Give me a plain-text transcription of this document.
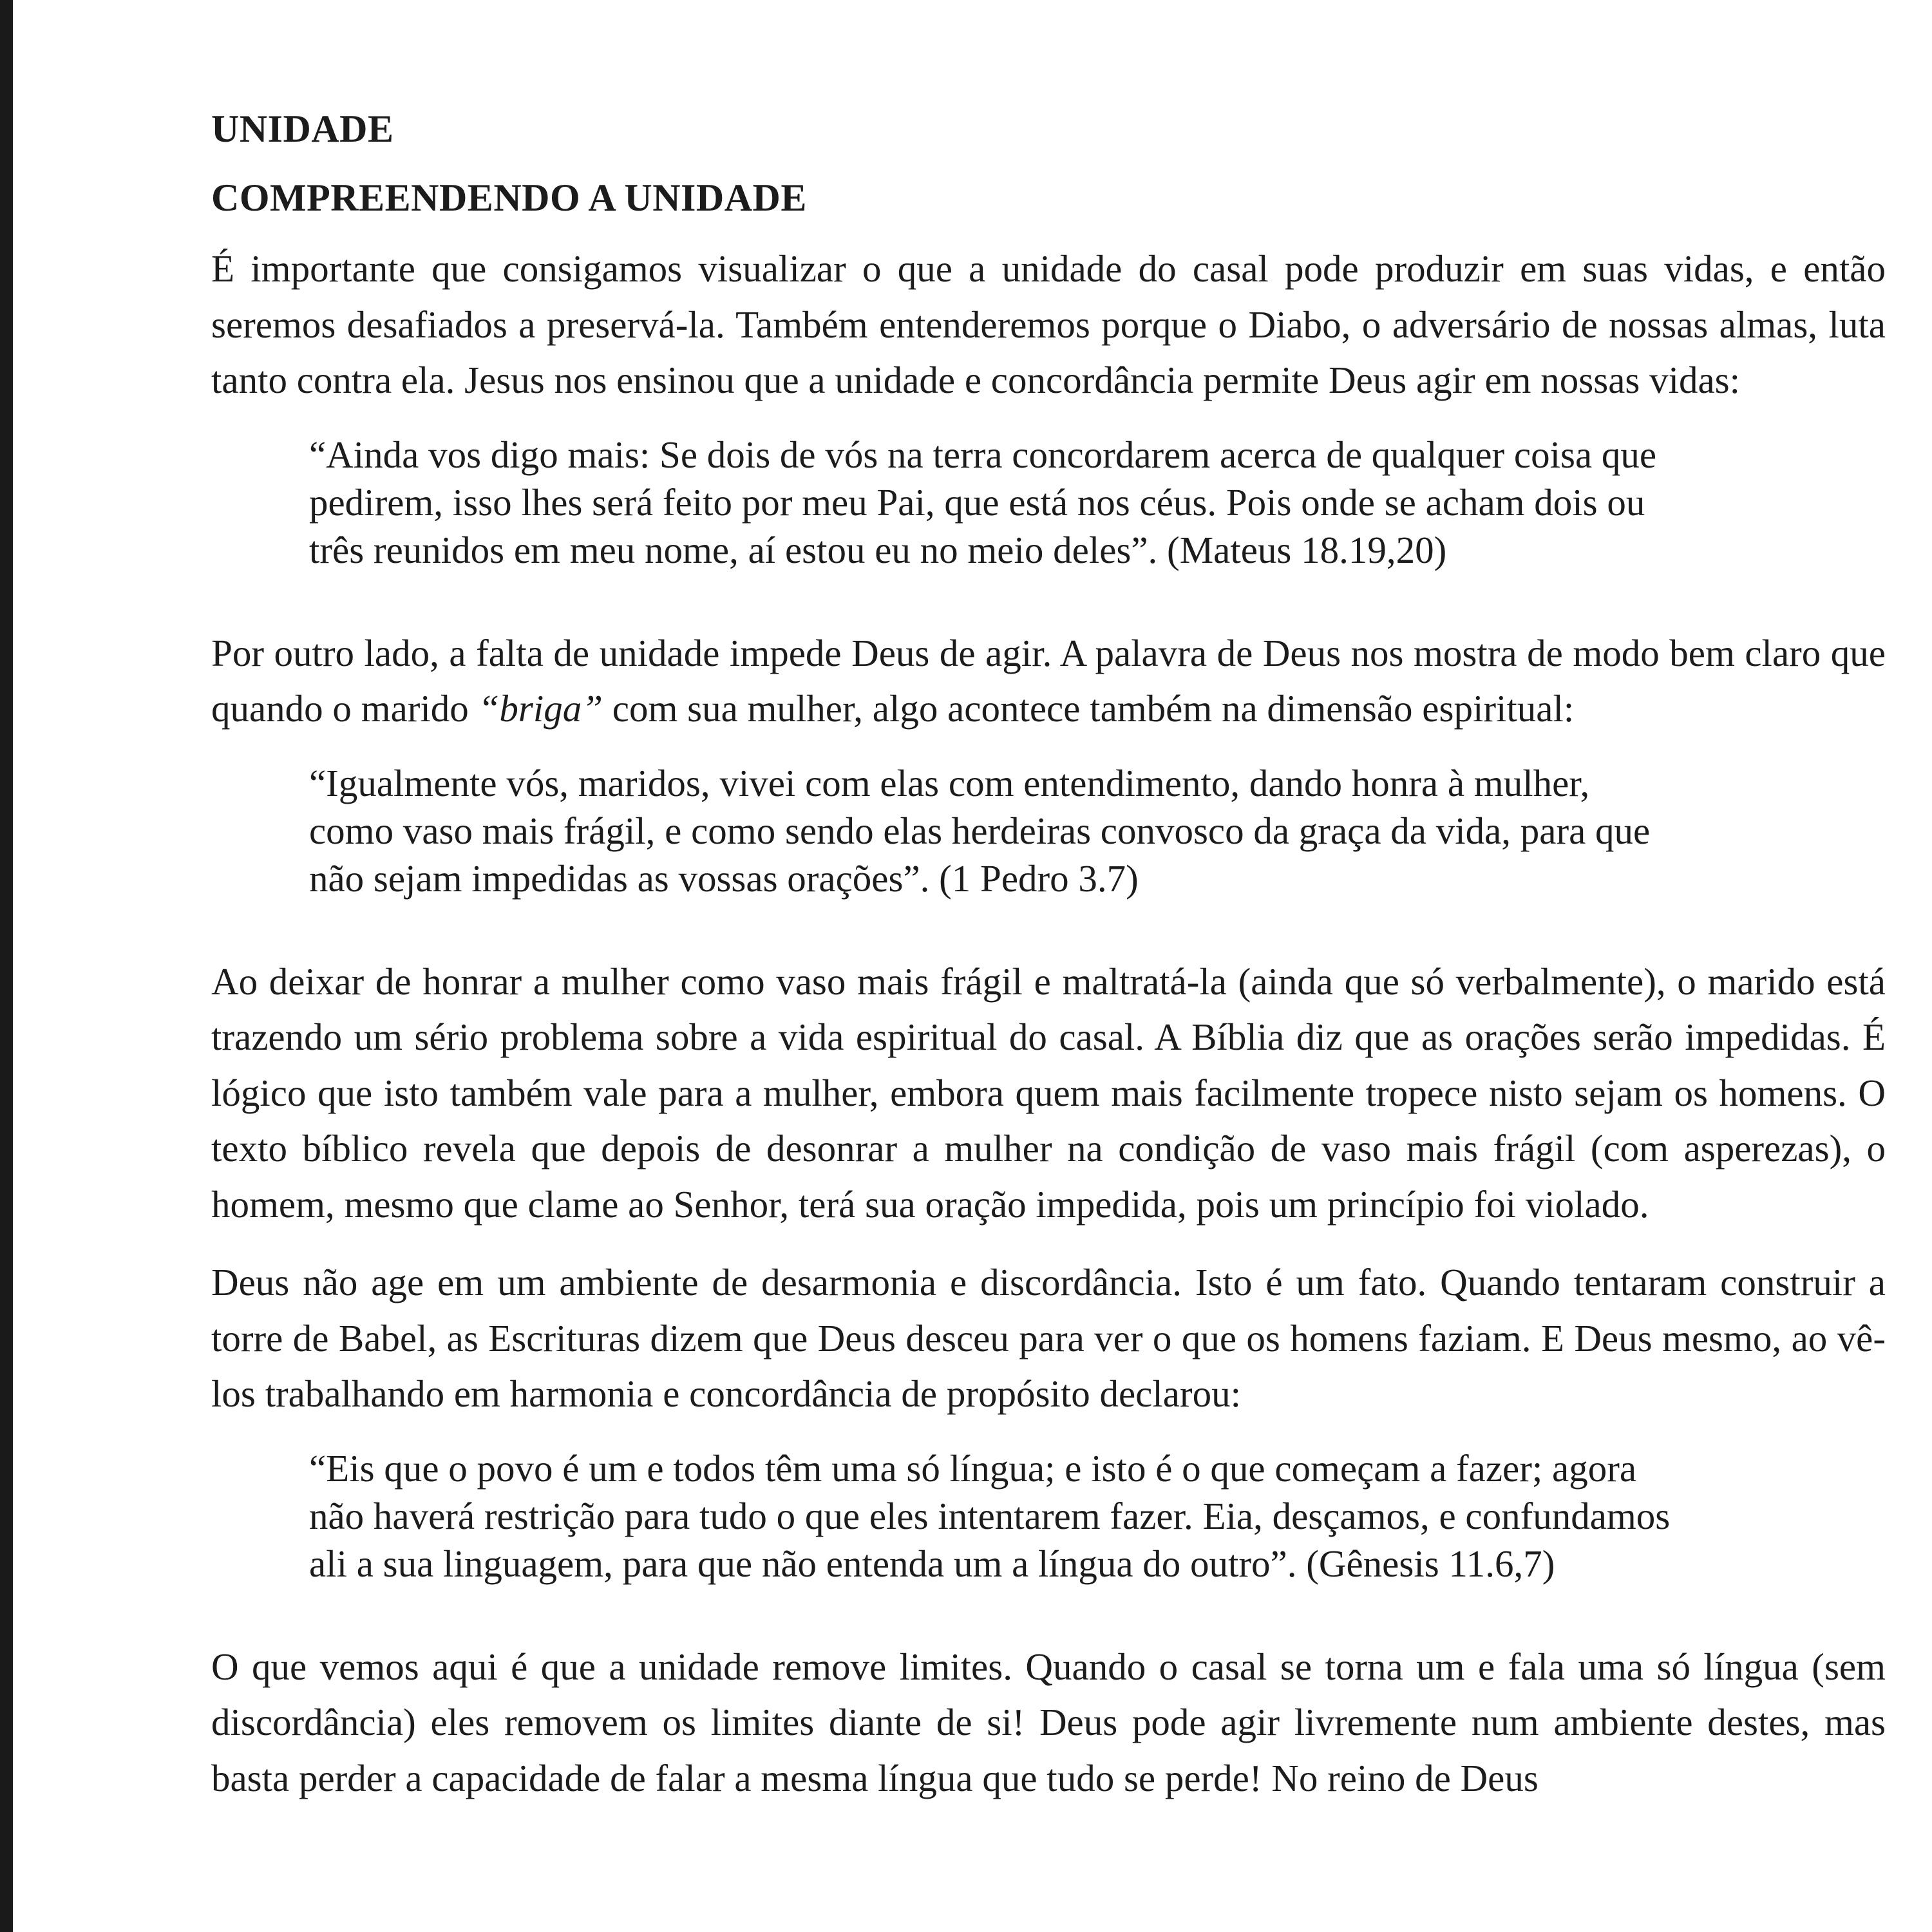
UNIDADE
COMPREENDENDO A UNIDADE

É importante que consigamos visualizar o que a unidade do casal pode produzir em suas vidas, e então seremos desafiados a preservá-la. Também entenderemos porque o Diabo, o adversário de nossas almas, luta tanto contra ela. Jesus nos ensinou que a unidade e concordância permite Deus agir em nossas vidas:

“Ainda vos digo mais: Se dois de vós na terra concordarem acerca de qualquer coisa que pedirem, isso lhes será feito por meu Pai, que está nos céus. Pois onde se acham dois ou três reunidos em meu nome, aí estou eu no meio deles”. (Mateus 18.19,20)

Por outro lado, a falta de unidade impede Deus de agir. A palavra de Deus nos mostra de modo bem claro que quando o marido “briga” com sua mulher, algo acontece também na dimensão espiritual:

“Igualmente vós, maridos, vivei com elas com entendimento, dando honra à mulher, como vaso mais frágil, e como sendo elas herdeiras convosco da graça da vida, para que não sejam impedidas as vossas orações”. (1 Pedro 3.7)

Ao deixar de honrar a mulher como vaso mais frágil e maltratá-la (ainda que só verbalmente), o marido está trazendo um sério problema sobre a vida espiritual do casal. A Bíblia diz que as orações serão impedidas. É lógico que isto também vale para a mulher, embora quem mais facilmente tropece nisto sejam os homens. O texto bíblico revela que depois de desonrar a mulher na condição de vaso mais frágil (com asperezas), o homem, mesmo que clame ao Senhor, terá sua oração impedida, pois um princípio foi violado.

Deus não age em um ambiente de desarmonia e discordância. Isto é um fato. Quando tentaram construir a torre de Babel, as Escrituras dizem que Deus desceu para ver o que os homens faziam. E Deus mesmo, ao vê-los trabalhando em harmonia e concordância de propósito declarou:

“Eis que o povo é um e todos têm uma só língua; e isto é o que começam a fazer; agora não haverá restrição para tudo o que eles intentarem fazer. Eia, desçamos, e confundamos ali a sua linguagem, para que não entenda um a língua do outro”. (Gênesis 11.6,7)

O que vemos aqui é que a unidade remove limites. Quando o casal se torna um e fala uma só língua (sem discordância) eles removem os limites diante de si! Deus pode agir livremente num ambiente destes, mas basta perder a capacidade de falar a mesma língua que tudo se perde! No reino de Deus
